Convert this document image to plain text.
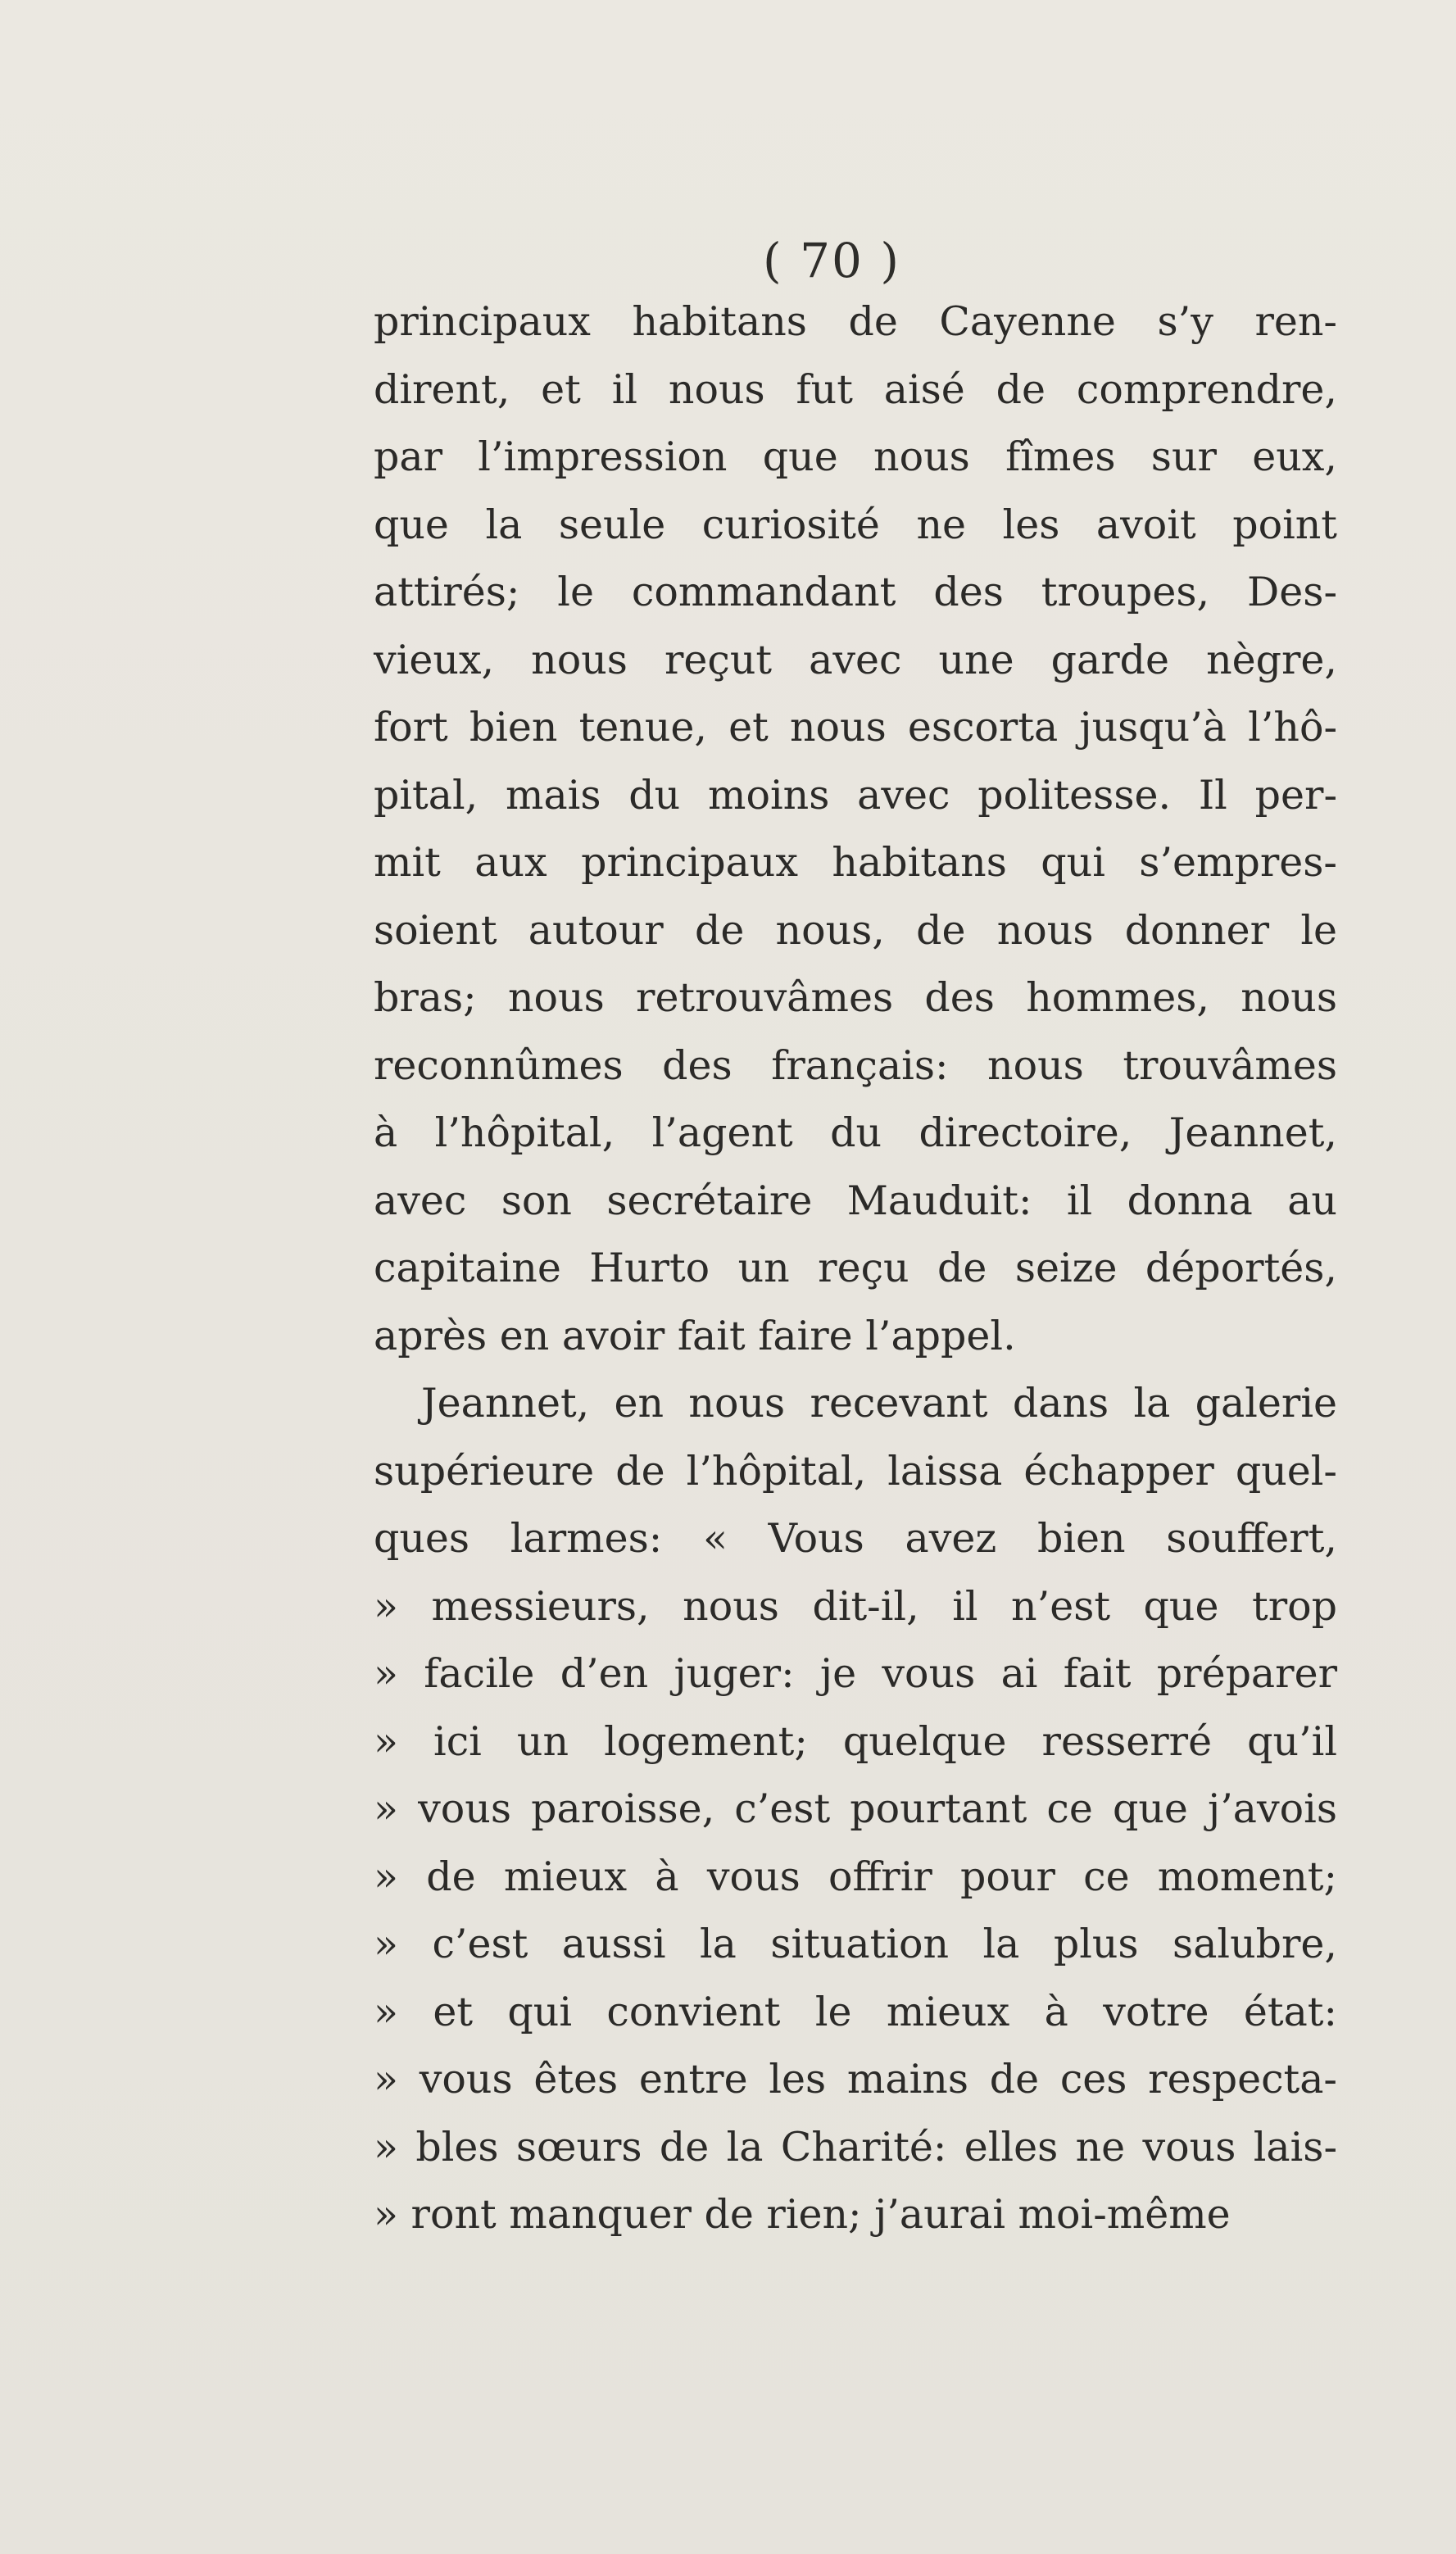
( 70 )
principaux habitans de Cayenne s’y ren-
dirent, et il nous fut aisé de comprendre,
par l’impression que nous fîmes sur eux,
que la seule curiosité ne les avoit point
attirés; le commandant des troupes, Des-
vieux, nous reçut avec une garde nègre,
fort bien tenue, et nous escorta jusqu’à l’hô-
pital, mais du moins avec politesse. Il per-
mit aux principaux habitans qui s’empres-
soient autour de nous, de nous donner le
bras; nous retrouvâmes des hommes, nous
reconnûmes des français: nous trouvâmes
à l’hôpital, l’agent du directoire, Jeannet,
avec son secrétaire Mauduit: il donna au
capitaine Hurto un reçu de seize déportés,
après en avoir fait faire l’appel.
Jeannet, en nous recevant dans la galerie
supérieure de l’hôpital, laissa échapper quel-
ques larmes: « Vous avez bien souffert,
» messieurs, nous dit-il, il n’est que trop
» facile d’en juger: je vous ai fait préparer
» ici un logement; quelque resserré qu’il
» vous paroisse, c’est pourtant ce que j’avois
» de mieux à vous offrir pour ce moment;
» c’est aussi la situation la plus salubre,
» et qui convient le mieux à votre état:
» vous êtes entre les mains de ces respecta-
» bles sœurs de la Charité: elles ne vous lais-
» ront manquer de rien; j’aurai moi-même
